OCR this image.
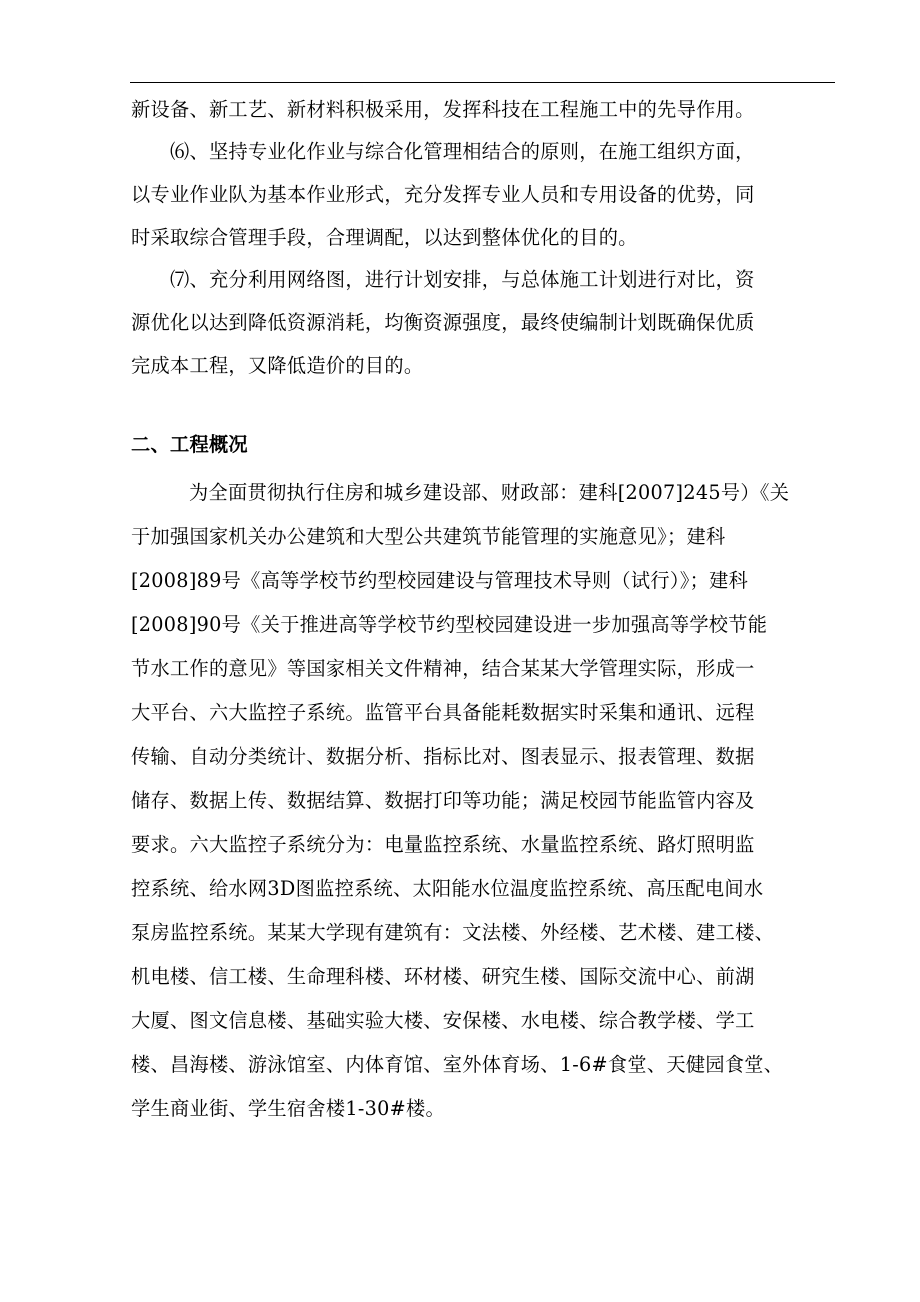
新设备、新工艺、新材料积极采用，发挥科技在工程施工中的先导作用。
⑹、坚持专业化作业与综合化管理相结合的原则，在施工组织方面，
以专业作业队为基本作业形式，充分发挥专业人员和专用设备的优势，同
时采取综合管理手段，合理调配，以达到整体优化的目的。
⑺、充分利用网络图，进行计划安排，与总体施工计划进行对比，资
源优化以达到降低资源消耗，均衡资源强度，最终使编制计划既确保优质
完成本工程，又降低造价的目的。
二、工程概况
为全面贯彻执行住房和城乡建设部、财政部：建科[2007]245号）《关
于加强国家机关办公建筑和大型公共建筑节能管理的实施意见》；建科
[2008]89号《高等学校节约型校园建设与管理技术导则（试行）》；建科
[2008]90号《关于推进高等学校节约型校园建设进一步加强高等学校节能
节水工作的意见》等国家相关文件精神，结合某某大学管理实际，形成一
大平台、六大监控子系统。监管平台具备能耗数据实时采集和通讯、远程
传输、自动分类统计、数据分析、指标比对、图表显示、报表管理、数据
储存、数据上传、数据结算、数据打印等功能；满足校园节能监管内容及
要求。六大监控子系统分为：电量监控系统、水量监控系统、路灯照明监
控系统、给水网3D图监控系统、太阳能水位温度监控系统、高压配电间水
泵房监控系统。某某大学现有建筑有：文法楼、外经楼、艺术楼、建工楼、
机电楼、信工楼、生命理科楼、环材楼、研究生楼、国际交流中心、前湖
大厦、图文信息楼、基础实验大楼、安保楼、水电楼、综合教学楼、学工
楼、昌海楼、游泳馆室、内体育馆、室外体育场、1-6#食堂、天健园食堂、
学生商业街、学生宿舍楼1-30#楼。
